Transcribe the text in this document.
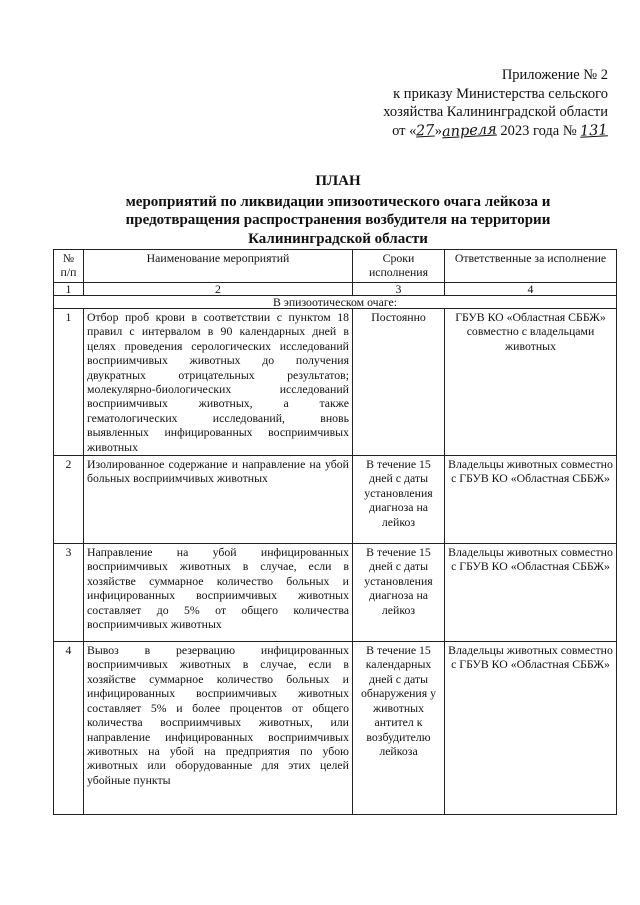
Приложение № 2
к приказу Министерства сельского
хозяйства Калининградской области
от «27»апреля 2023 года № 131
ПЛАН
мероприятий по ликвидации эпизоотического очага лейкоза и
предотвращения распространения возбудителя на территории
Калининградской области
№ п/п	Наименование мероприятий	Сроки исполнения	Ответственные за исполнение
1	2	3	4
В эпизоотическом очаге:			
1	Отбор проб крови в соответствии с пунктом 18 правил с интервалом в 90 календарных дней в целях проведения серологических исследований восприимчивых животных до получения двукратных отрицательных результатов; молекулярно-биологических исследований восприимчивых животных, а также гематологических исследований, вновь выявленных инфицированных восприимчивых животных	Постоянно	ГБУВ КО «Областная СББЖ» совместно с владельцами животных
2	Изолированное содержание и направление на убой больных восприимчивых животных	В течение 15 дней с даты установления диагноза на лейкоз	Владельцы животных совместно с ГБУВ КО «Областная СББЖ»
3	Направление на убой инфицированных восприимчивых животных в случае, если в хозяйстве суммарное количество больных и инфицированных восприимчивых животных составляет до 5% от общего количества восприимчивых животных	В течение 15 дней с даты установления диагноза на лейкоз	Владельцы животных совместно с ГБУВ КО «Областная СББЖ»
4	Вывоз в резервацию инфицированных восприимчивых животных в случае, если в хозяйстве суммарное количество больных и инфицированных восприимчивых животных составляет 5% и более процентов от общего количества восприимчивых животных, или направление инфицированных восприимчивых животных на убой на предприятия по убою животных или оборудованные для этих целей убойные пункты	В течение 15 календарных дней с даты обнаружения у животных антител к возбудителю лейкоза	Владельцы животных совместно с ГБУВ КО «Областная СББЖ»
